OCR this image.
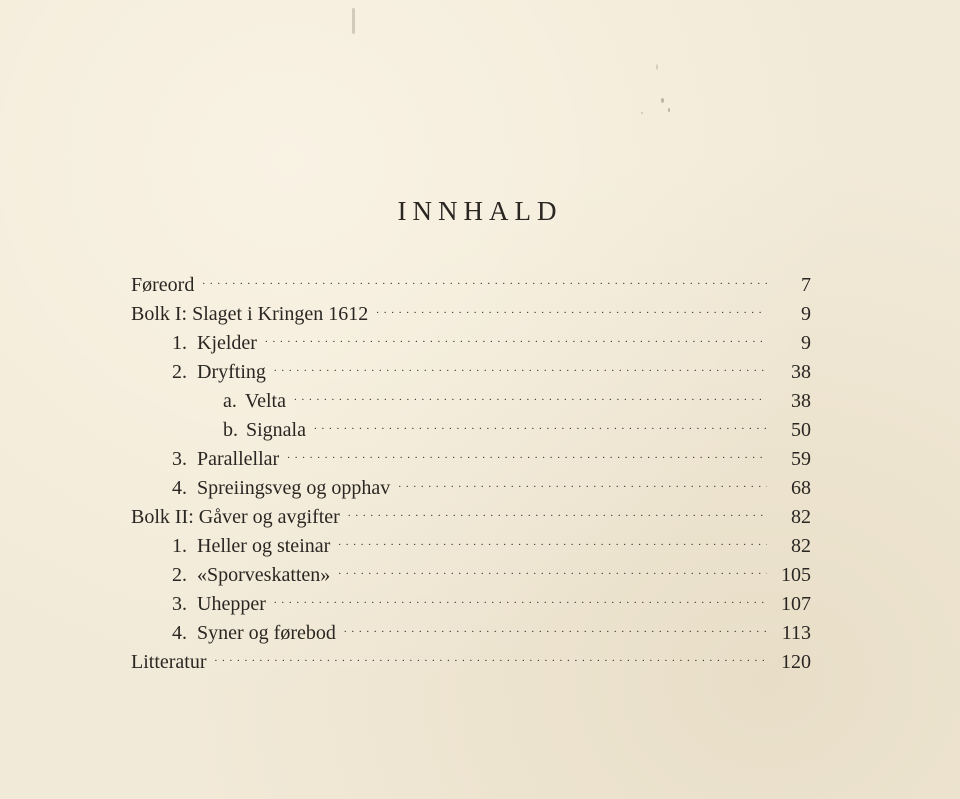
INNHALD
Føreord . . .	7
Bolk I: Slaget i Kringen 1612 . . .	9
1. Kjelder . . .	9
2. Dryfting . . .	38
a. Velta . . .	38
b. Signala . . .	50
3. Parallellar . . .	59
4. Spreiingsveg og opphav . . .	68
Bolk II: Gåver og avgifter . . .	82
1. Heller og steinar . . .	82
2. «Sporveskatten» . . .	105
3. Uhepper . . .	107
4. Syner og førebod . . .	113
Litteratur . . .	120
